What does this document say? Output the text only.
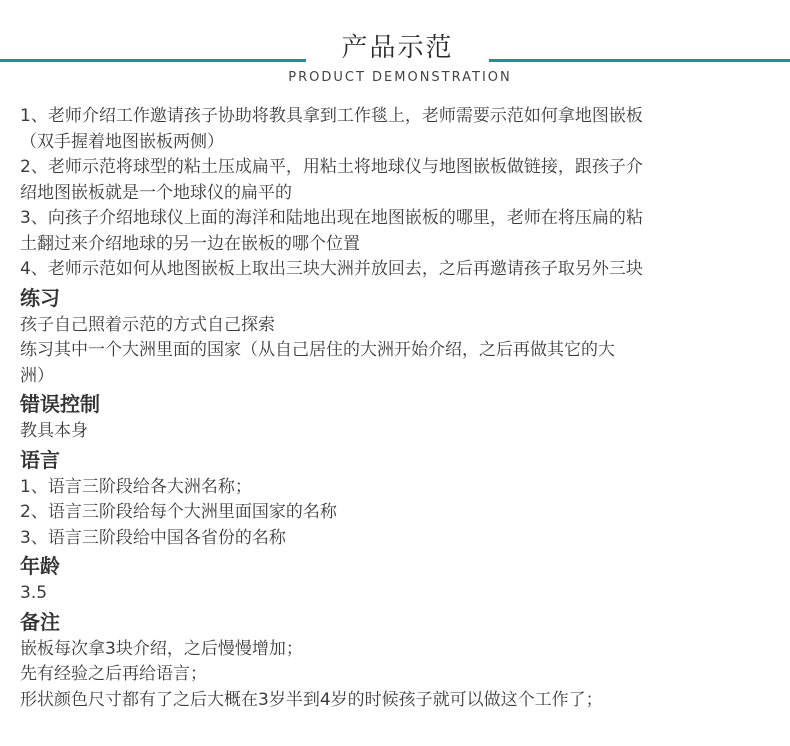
产品示范
PRODUCT DEMONSTRATION
1、老师介绍工作邀请孩子协助将教具拿到工作毯上，老师需要示范如何拿地图嵌板
（双手握着地图嵌板两侧）
2、老师示范将球型的粘土压成扁平，用粘土将地球仪与地图嵌板做链接，跟孩子介
绍地图嵌板就是一个地球仪的扁平的
3、向孩子介绍地球仪上面的海洋和陆地出现在地图嵌板的哪里，老师在将压扁的粘
土翻过来介绍地球的另一边在嵌板的哪个位置
4、老师示范如何从地图嵌板上取出三块大洲并放回去，之后再邀请孩子取另外三块
练习
孩子自己照着示范的方式自己探索
练习其中一个大洲里面的国家（从自己居住的大洲开始介绍，之后再做其它的大
洲）
错误控制
教具本身
语言
1、语言三阶段给各大洲名称；
2、语言三阶段给每个大洲里面国家的名称
3、语言三阶段给中国各省份的名称
年龄
3.5
备注
嵌板每次拿3块介绍，之后慢慢增加；
先有经验之后再给语言；
形状颜色尺寸都有了之后大概在3岁半到4岁的时候孩子就可以做这个工作了；
